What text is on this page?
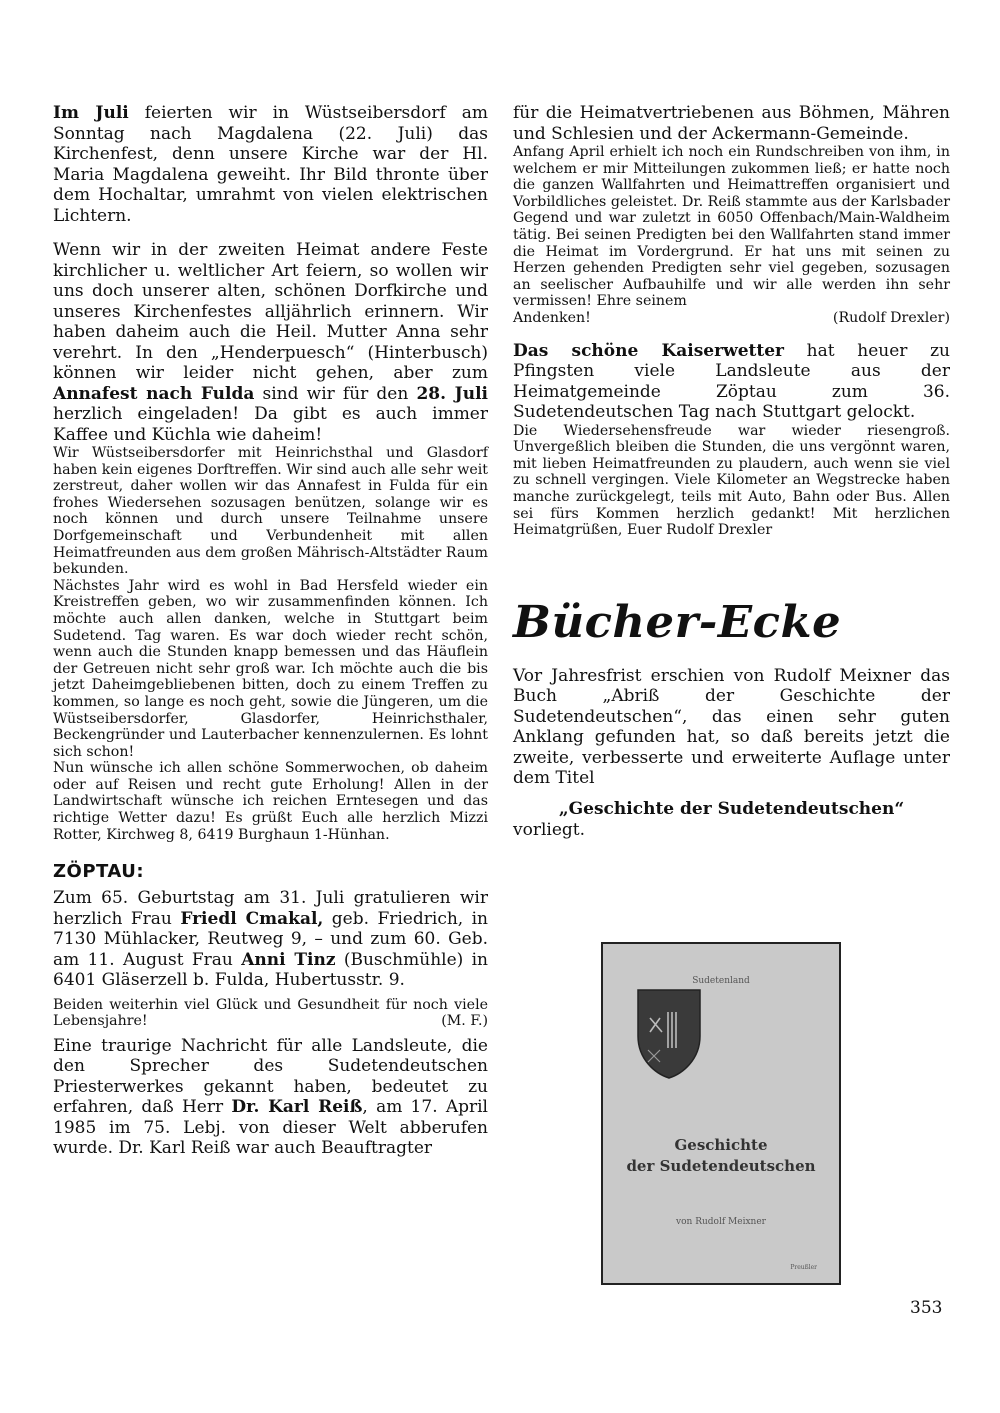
Im Juli feierten wir in Wüstseibersdorf am Sonntag nach Magdalena (22. Juli) das Kirchenfest, denn unsere Kirche war der Hl. Maria Magdalena geweiht. Ihr Bild thronte über dem Hochaltar, umrahmt von vielen elektrischen Lichtern.

Wenn wir in der zweiten Heimat andere Feste kirchlicher u. weltlicher Art feiern, so wollen wir uns doch unserer alten, schönen Dorfkirche und unseres Kirchenfestes alljährlich erinnern. Wir haben daheim auch die Heil. Mutter Anna sehr verehrt. In den „Henderpuesch“ (Hinterbusch) können wir leider nicht gehen, aber zum Annafest nach Fulda sind wir für den 28. Juli herzlich eingeladen! Da gibt es auch immer Kaffee und Küchla wie daheim!

Wir Wüstseibersdorfer mit Heinrichsthal und Glasdorf haben kein eigenes Dorftreffen. Wir sind auch alle sehr weit zerstreut, daher wollen wir das Annafest in Fulda für ein frohes Wiedersehen sozusagen benützen, solange wir es noch können und durch unsere Teilnahme unsere Dorfgemeinschaft und Verbundenheit mit allen Heimatfreunden aus dem großen Mährisch-Altstädter Raum bekunden.

Nächstes Jahr wird es wohl in Bad Hersfeld wieder ein Kreistreffen geben, wo wir zusammenfinden können. Ich möchte auch allen danken, welche in Stuttgart beim Sudetend. Tag waren. Es war doch wieder recht schön, wenn auch die Stunden knapp bemessen und das Häuflein der Getreuen nicht sehr groß war. Ich möchte auch die bis jetzt Daheimgebliebenen bitten, doch zu einem Treffen zu kommen, so lange es noch geht, sowie die Jüngeren, um die Wüstseibersdorfer, Glasdorfer, Heinrichsthaler, Beckengründer und Lauterbacher kennenzulernen. Es lohnt sich schon!

Nun wünsche ich allen schöne Sommerwochen, ob daheim oder auf Reisen und recht gute Erholung! Allen in der Landwirtschaft wünsche ich reichen Erntesegen und das richtige Wetter dazu! Es grüßt Euch alle herzlich Mizzi Rotter, Kirchweg 8, 6419 Burghaun 1-Hünhan.

ZÖPTAU:

Zum 65. Geburtstag am 31. Juli gratulieren wir herzlich Frau Friedl Cmakal, geb. Friedrich, in 7130 Mühlacker, Reutweg 9, – und zum 60. Geb. am 11. August Frau Anni Tinz (Buschmühle) in 6401 Gläserzell b. Fulda, Hubertusstr. 9.

Beiden weiterhin viel Glück und Gesundheit für noch viele Lebensjahre!	(M. F.)

Eine traurige Nachricht für alle Landsleute, die den Sprecher des Sudetendeutschen Priesterwerkes gekannt haben, bedeutet zu erfahren, daß Herr Dr. Karl Reiß, am 17. April 1985 im 75. Lebj. von dieser Welt abberufen wurde. Dr. Karl Reiß war auch Beauftragter

für die Heimatvertriebenen aus Böhmen, Mähren und Schlesien und der Ackermann-Gemeinde.

Anfang April erhielt ich noch ein Rundschreiben von ihm, in welchem er mir Mitteilungen zukommen ließ; er hatte noch die ganzen Wallfahrten und Heimattreffen organisiert und Vorbildliches geleistet. Dr. Reiß stammte aus der Karlsbader Gegend und war zuletzt in 6050 Offenbach/Main-Waldheim tätig. Bei seinen Predigten bei den Wallfahrten stand immer die Heimat im Vordergrund. Er hat uns mit seinen zu Herzen gehenden Predigten sehr viel gegeben, sozusagen an seelischer Aufbauhilfe und wir alle werden ihn sehr vermissen! Ehre seinem

Andenken!	(Rudolf Drexler)

Das schöne Kaiserwetter hat heuer zu Pfingsten viele Landsleute aus der Heimatgemeinde Zöptau zum 36. Sudetendeutschen Tag nach Stuttgart gelockt.

Die Wiedersehensfreude war wieder riesengroß. Unvergeßlich bleiben die Stunden, die uns vergönnt waren, mit lieben Heimatfreunden zu plaudern, auch wenn sie viel zu schnell vergingen. Viele Kilometer an Wegstrecke haben manche zurückgelegt, teils mit Auto, Bahn oder Bus. Allen sei fürs Kommen herzlich gedankt! Mit herzlichen Heimatgrüßen, Euer Rudolf Drexler

Bücher-Ecke

Vor Jahresfrist erschien von Rudolf Meixner das Buch „Abriß der Geschichte der Sudetendeutschen“, das einen sehr guten Anklang gefunden hat, so daß bereits jetzt die zweite, verbesserte und erweiterte Auflage unter dem Titel

„Geschichte der Sudetendeutschen“

vorliegt.

Sudetenland
Geschichte
der Sudetendeutschen
von Rudolf Meixner
Preußler
353
